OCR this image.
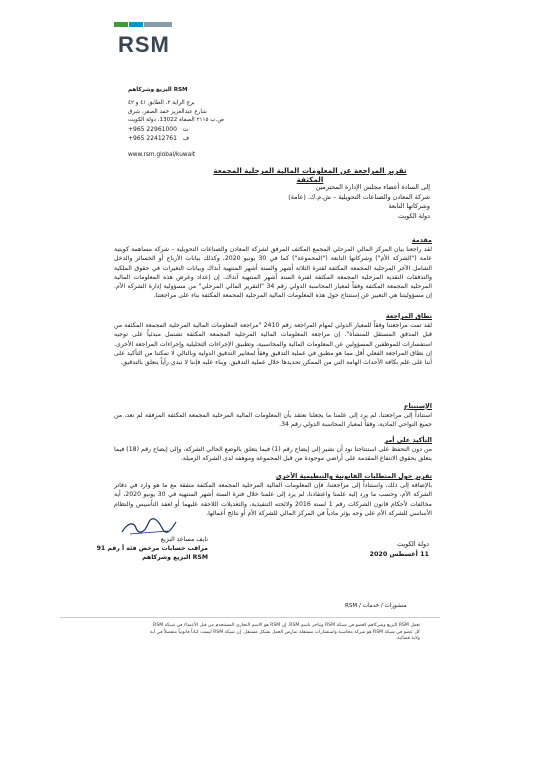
RSM
RSM البزيع وشركاهم
برج الراية ٢، الطابق ٤١ و ٤٢
شارع عبدالعزيز حمد الصقر، شرق
ص.ب ٢١١٥ الصفاة 13022، دولة الكويت
+965 22961000 ت
+965 22412761 ف
www.rsm.global/kuwait
تقرير المراجعة عن المعلومات المالية المرحلية المجمعة المكثفة
إلى السادة أعضاء مجلس الإدارة المحترمين
شركة المعادن والصناعات التحويلية – ش.م.ك. (عامة)
وشركاتها التابعة
دولة الكويت
مقدمة

لقد راجعنا بيان المركز المالي المرحلي المجمع المكثف المرفق لشركة المعادن والصناعات التحويلية – شركة مساهمة كويتية عامة ("الشركة الأم") وشركاتها التابعة ("المجموعة") كما في 30 يونيو 2020، وكذلك بيانات الأرباح أو الخسائر والدخل الشامل الآخر المرحلية المجمعة المكثفة لفترة الثلاثة أشهر والستة أشهر المنتهية آنذاك وبيانات التغيرات في حقوق الملكية والتدفقات النقدية المرحلية المجمعة المكثفة لفترة الستة أشهر المنتهية آنذاك. إن إعداد وعرض هذه المعلومات المالية المرحلية المجمعة المكثفة وفقاً لمعيار المحاسبة الدولي رقم 34 "التقرير المالي المرحلي" من مسؤولية إدارة الشركة الأم. إن مسؤوليتنا هي التعبير عن إستنتاج حول هذه المعلومات المالية المرحلية المجمعة المكثفة بناء على مراجعتنا.

نطاق المراجعة

لقد تمت مراجعتنا وفقاً للمعيار الدولي لمهام المراجعة رقم 2410 "مراجعة المعلومات المالية المرحلية المجمعة المكثفة من قبل المدقق المستقل للمنشأة". إن مراجعة المعلومات المالية المرحلية المجمعة المكثفة تشتمل مبدئياً على توجيه استفسارات للموظفين المسؤولين عن المعلومات المالية والمحاسبية، وتطبيق الإجراءات التحليلية وإجراءات المراجعة الأخرى. إن نطاق المراجعة الفعلي أقل مما هو مطبق في عملية التدقيق وفقاً لمعايير التدقيق الدولية وبالتالي لا تمكننا من التأكيد على أننا على علم بكافة الأحداث الهامة التي من الممكن تحديدها خلال عملية التدقيق. وبناء عليه فإننا لا نبدي رأياً يتعلق بالتدقيق.

الإستنتاج

استناداً إلى مراجعتنا، لم يرد إلى علمنا ما يجعلنا نعتقد بأن المعلومات المالية المرحلية المجمعة المكثفة المرفقة لم تعد، من جميع النواحي المادية، وفقاً لمعيار المحاسبة الدولي رقم 34.

التأكيد على أمر

من دون التحفظ على استنتاجنا نود أن نشير إلى إيضاح رقم (1) فيما يتعلق بالوضع الحالي الشركة، وإلى إيضاح رقم (18) فيما يتعلق بحقوق الانتفاع المقدمة على أراضي موجودة من قبل المجموعة وموهفه لدى الشركة الزميلة.

تقرير حول المتطلبات القانونية والتنظيمية الأخرى

بالإضافة إلى ذلك، واستناداً إلى مراجعتنا، فإن المعلومات المالية المرحلية المجمعة المكثفة متفقة مع ما هو وارد في دفاتر الشركة الأم، وحسب ما ورد إليه علمنا واعتقادنا، لم يرد إلى علمنا خلال فترة الستة أشهر المنتهية في 30 يونيو 2020، أية مخالفات لأحكام قانون الشركات رقم 1 لسنة 2016 ولائحته التنفيذية، والتعديلات اللاحقة عليهما أو لعقد التأسيس والنظام الأساسي للشركة الأم على وجه يؤثر مادياً في المركز المالي للشركة الأم أو نتائج أعمالها.

نايف مساعد البزيع
مراقب حسابات مرخص فئة أ رقم 91
RSM البزيع وشركاهم
دولة الكويت
11 أغسطس 2020
منشورات / خدمات / RSM
تعمل RSM البزيع وشركاهم كعضو في شبكة RSM وتتاجر باسم RSM. إن RSM هو الاسم التجاري المستخدم من قبل الأعضاء في شبكة RSM.
كل عضو في شبكة RSM هو شركة محاسبة واستشارات مستقلة تمارس العمل بشكل مستقل. إن شبكة RSM ليست كياناً قانونياً منفصلاً في أية ولاية قضائية.
